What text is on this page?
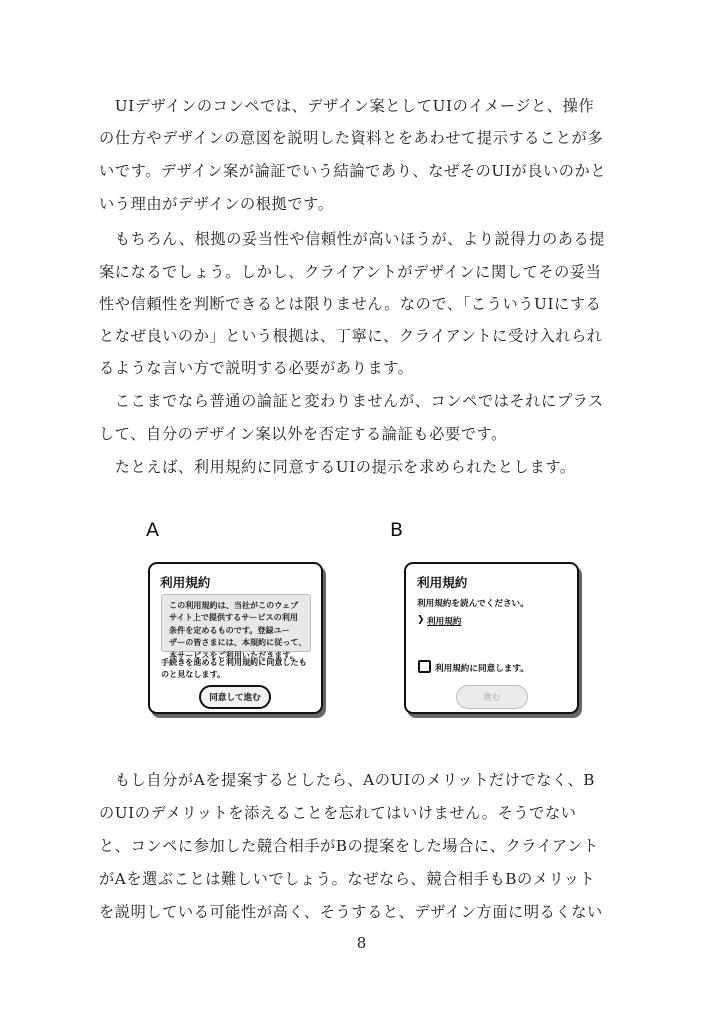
　UIデザインのコンペでは、デザイン案としてUIのイメージと、操作
の仕方やデザインの意図を説明した資料とをあわせて提示することが多
いです。デザイン案が論証でいう結論であり、なぜそのUIが良いのかと
いう理由がデザインの根拠です。
　もちろん、根拠の妥当性や信頼性が高いほうが、より説得力のある提
案になるでしょう。しかし、クライアントがデザインに関してその妥当
性や信頼性を判断できるとは限りません。なので、「こういうUIにする
となぜ良いのか」という根拠は、丁寧に、クライアントに受け入れられ
るような言い方で説明する必要があります。
　ここまでなら普通の論証と変わりませんが、コンペではそれにプラス
して、自分のデザイン案以外を否定する論証も必要です。
　たとえば、利用規約に同意するUIの提示を求められたとします。
A	B
利用規約
この利用規約は、当社がこのウェブ
サイト上で提供するサービスの利用
条件を定めるものです。登録ユー
ザーの皆さまには、本規約に従って、
本サービスをご利用いただきます。
手続きを進めると利用規約に同意したも
のと見なします。
同意して進む
利用規約
利用規約を読んでください。
❯ 利用規約
利用規約に同意します。
進む
　もし自分がAを提案するとしたら、AのUIのメリットだけでなく、B
のUIのデメリットを添えることを忘れてはいけません。そうでない
と、コンペに参加した競合相手がBの提案をした場合に、クライアント
がAを選ぶことは難しいでしょう。なぜなら、競合相手もBのメリット
を説明している可能性が高く、そうすると、デザイン方面に明るくない
8
